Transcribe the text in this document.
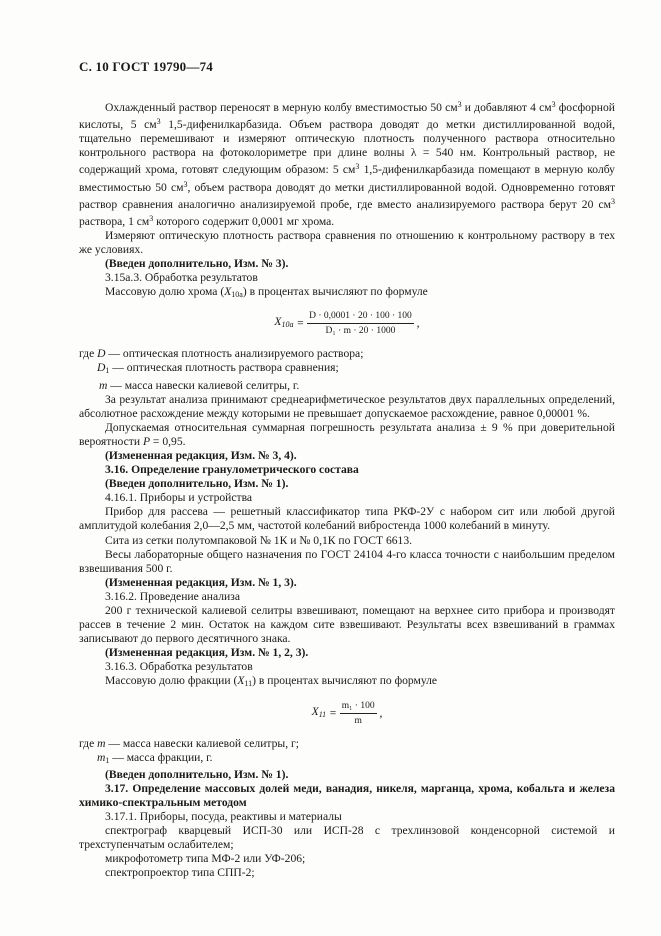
С. 10 ГОСТ 19790—74

Охлажденный раствор переносят в мерную колбу вместимостью 50 $см^3$ и добавляют 4 $см^3$ фосфорной кислоты, 5 $см^3$ 1,5-дифенилкарбазида. Объем раствора доводят до метки дистиллированной водой, тщательно перемешивают и измеряют оптическую плотность полученного раствора относительно контрольного раствора на фотоколориметре при длине волны λ = 540 нм. Контрольный раствор, не содержащий хрома, готовят следующим образом: 5 $см^3$ 1,5-дифенилкарбазида помещают в мерную колбу вместимостью 50 $см^3$, объем раствора доводят до метки дистиллированной водой. Одновременно готовят раствор сравнения аналогично анализируемой пробе, где вместо анализируемого раствора берут 20 $см^3$ раствора, 1 $см^3$ которого содержит 0,0001 мг хрома.

Измеряют оптическую плотность раствора сравнения по отношению к контрольному раствору в тех же условиях.

(Введен дополнительно, Изм. № 3).

3.15а.3. Обработка результатов

Массовую долю хрома $(X_{10a})$ в процентах вычисляют по формуле

$X_{10a} = \frac{D \cdot 0,0001 \cdot 20 \cdot 100 \cdot 100}{\text{D₁ · m · 20 · 1000}}$ ,

где D — оптическая плотность анализируемого раствора;

$D_1$ — оптическая плотность раствора сравнения;

m — масса навески калиевой селитры, г.

За результат анализа принимают среднеарифметическое результатов двух параллельных определений, абсолютное расхождение между которыми не превышает допускаемое расхождение, равное 0,00001 %.

Допускаемая относительная суммарная погрешность результата анализа ± 9 % при доверительной вероятности P = 0,95.

(Измененная редакция, Изм. № 3, 4).

3.16. Определение гранулометрического состава

(Введен дополнительно, Изм. № 1).

4.16.1. Приборы и устройства

Прибор для рассева — решетный классификатор типа РКФ-2У с набором сит или любой другой амплитудой колебания 2,0—2,5 мм, частотой колебаний вибростенда 1000 колебаний в минуту.

Сита из сетки полутомпаковой № 1К и № 0,1К по ГОСТ 6613.

Весы лабораторные общего назначения по ГОСТ 24104 4-го класса точности с наибольшим пределом взвешивания 500 г.

(Измененная редакция, Изм. № 1, 3).

3.16.2. Проведение анализа

200 г технической калиевой селитры взвешивают, помещают на верхнее сито прибора и производят рассев в течение 2 мин. Остаток на каждом сите взвешивают. Результаты всех взвешиваний в граммах записывают до первого десятичного знака.

(Измененная редакция, Изм. № 1, 2, 3).

3.16.3. Обработка результатов

Массовую долю фракции $(X_{11})$ в процентах вычисляют по формуле

$X_{11} = \frac{\text{m₁ · 100}}{m}$ ,

где m — масса навески калиевой селитры, г;

$m_1$ — масса фракции, г.

(Введен дополнительно, Изм. № 1).

3.17. Определение массовых долей меди, ванадия, никеля, марганца, хрома, кобальта и железа химико-спектральным методом

3.17.1. Приборы, посуда, реактивы и материалы

спектрограф кварцевый ИСП-30 или ИСП-28 с трехлинзовой конденсорной системой и трехступенчатым ослабителем;

микрофотометр типа МФ-2 или УФ-206;

спектропроектор типа СПП-2;
